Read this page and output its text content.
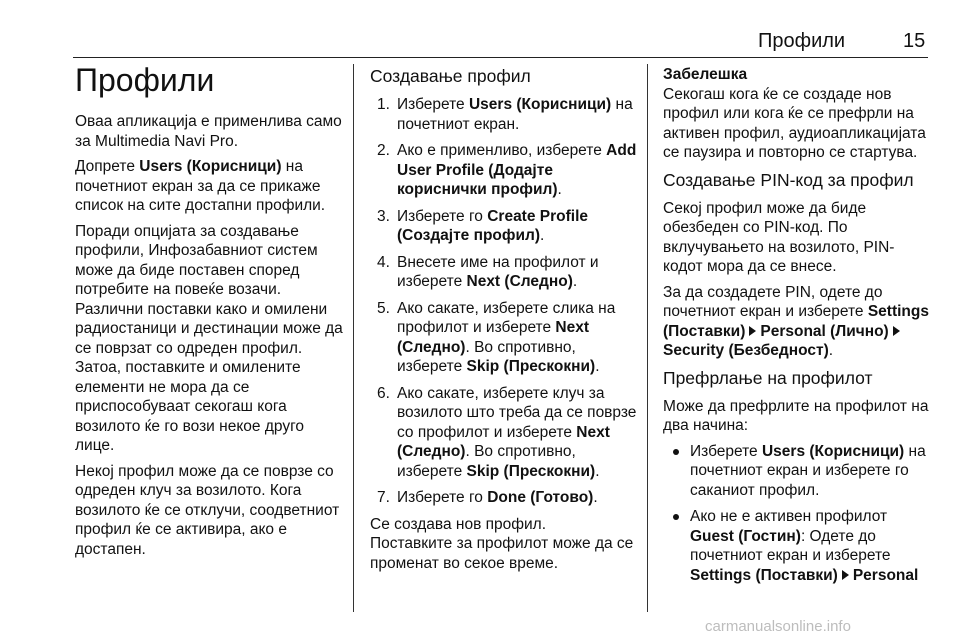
Профили	15
Профили

Оваа апликација е применлива само за Multimedia Navi Pro.

Допрете Users (Корисници) на почетниот екран за да се прикаже список на сите достапни профили.

Поради опцијата за создавање профили, Инфозабавниот систем може да биде поставен според потребите на повеќе возачи. Различни поставки како и омилени радиостаници и дестинации може да се поврзат со одреден профил. Затоа, поставките и омилените елементи не мора да се приспособуваат секогаш кога возилото ќе го вози некое друго лице.

Некој профил може да се поврзе со одреден клуч за возилото. Кога возилото ќе се отклучи, соодветниот профил ќе се активира, ако е достапен.

Создавање профил
1. Изберете Users (Корисници) на почетниот екран.
2. Ако е применливо, изберете Add User Profile (Додајте кориснички профил).
3. Изберете го Create Profile (Создајте профил).
4. Внесете име на профилот и изберете Next (Следно).
5. Ако сакате, изберете слика на профилот и изберете Next (Следно). Во спротивно, изберете Skip (Прескокни).
6. Ако сакате, изберете клуч за возилото што треба да се поврзе со профилот и изберете Next (Следно). Во спротивно, изберете Skip (Прескокни).
7. Изберете го Done (Готово).

Се создава нов профил.

Поставките за профилот може да се променат во секое време.

Забелешка

Секогаш кога ќе се создаде нов профил или кога ќе се префрли на активен профил, аудиоапликацијата се паузира и повторно се стартува.

Создавање PIN-код за профил

Секој профил може да биде обезбеден со PIN-код. По вклучувањето на возилото, PIN-кодот мора да се внесе.

За да создадете PIN, одете до почетниот екран и изберете Settings (Поставки) Personal (Лично)Security (Безбедност).

Префрлање на профилот

Може да префрлите на профилот на два начина:

Изберете Users (Корисници) на почетниот екран и изберете го саканиот профил.
Ако не е активен профилот Guest (Гостин): Одете до почетниот екран и изберете Settings (Поставки) Personal
carmanualsonline.info
